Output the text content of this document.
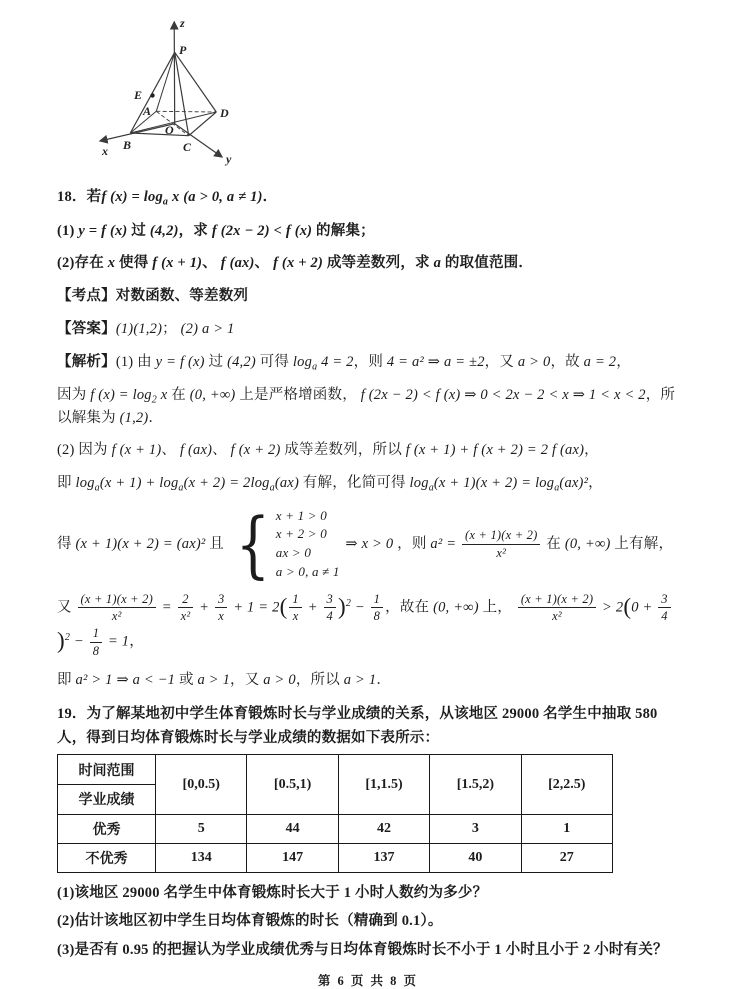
z
P
E
A	D
O
B	C
x
y
18．若f $(x) = \log_a x$ (a > 0, a ≠ 1)．
(1) y = f (x) 过 (4,2)，求 f (2x − 2) < f (x) 的解集；
(2)存在 x 使得 f (x + 1)、 f (ax)、 f (x + 2) 成等差数列，求 a 的取值范围．
【考点】对数函数、等差数列
【答案】(1)(1,2)； (2) a > 1
【解析】(1) 由 y = f (x) 过 (4,2) 可得 $\log_a 4 = 2$，则 4 = a² ⇒ a = ±2，又 a > 0，故 a = 2，
因为 f $(x) = \log_2 x$ 在 (0, +∞) 上是严格增函数， f (2x − 2) < f (x) ⇒ 0 < 2x − 2 < x ⇒ 1 < x < 2，所以解集为 (1,2)．
(2) 因为 f (x + 1)、 f (ax)、 f (x + 2) 成等差数列，所以 f (x + 1) + f (x + 2) = 2 f (ax)，
即 $\log_a(x + 1) + \log_a(x + 2) = 2\log_a(ax)$ 有解，化简可得 $\log_a(x + 1)(x + 2) = \log_a(ax)^2$，
得 (x + 1)(x + 2) = (ax)² 且 { x + 1 > 0
x + 2 > 0
ax > 0
a > 0, a ≠ 1
⇒ x > 0 ，则 $a^2 = \frac{(x + 1)(x + 2)}{\text{x²}}$ 在 (0, +∞) 上有解，
又 $\frac{(x + 1)(x + 2)}{\text{x²}} = \frac{2}{\text{x²}} + \frac{3}{x} + 1 = 2( \frac{1}{x} + \frac{3}{4} )^2 - \frac{1}{8}$ ，故在 (0, +∞) 上， $\frac{(x + 1)(x + 2)}{\text{x²}} > 2(0 + \frac{3}{4}$
)$^2 - \frac{1}{8} = 1$，
即 a² > 1 ⇒ a < −1 或 a > 1，又 a > 0，所以 a > 1．
19．为了解某地初中学生体育锻炼时长与学业成绩的关系，从该地区 29000 名学生中抽取 580 人，得到日均体育锻炼时长与学业成绩的数据如下表所示：
时间范围
学业成绩	[0,0.5)	[0.5,1)	[1,1.5)	[1.5,2)	[2,2.5)
优秀	5	44	42	3	1
不优秀	134	147	137	40	27
(1)该地区 29000 名学生中体育锻炼时长大于 1 小时人数约为多少？
(2)估计该地区初中学生日均体育锻炼的时长（精确到 0.1）。
(3)是否有 0.95 的把握认为学业成绩优秀与日均体育锻炼时长不小于 1 小时且小于 2 小时有关？
第 6 页 共 8 页
